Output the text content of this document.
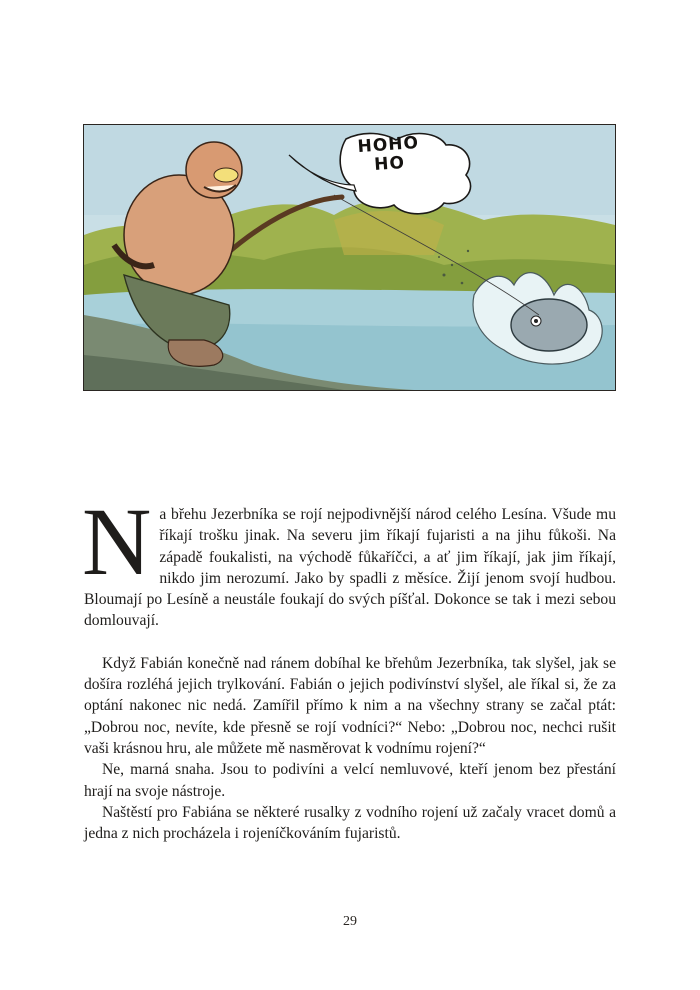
HOHO HO

Na břehu Jezerbníka se rojí nejpodivnější národ celého Lesína. Všude mu říkají trošku jinak. Na severu jim říkají fujaristi a na jihu fůkoši. Na západě foukalisti, na východě fůkaříčci, a ať jim říkají, jak jim říkají, nikdo jim nerozumí. Jako by spadli z měsíce. Žijí jenom svojí hudbou. Bloumají po Lesíně a neustále foukají do svých píšťal. Dokonce se tak i mezi sebou domlouvají.

Když Fabián konečně nad ránem dobíhal ke břehům Jezerbníka, tak slyšel, jak se došíra rozléhá jejich trylkování. Fabián o jejich podivínství slyšel, ale říkal si, že za optání nakonec nic nedá. Zamířil přímo k nim a na všechny strany se začal ptát: „Dobrou noc, nevíte, kde přesně se rojí vodníci?“ Nebo: „Dobrou noc, nechci rušit vaši krásnou hru, ale můžete mě nasměrovat k vodnímu rojení?“

Ne, marná snaha. Jsou to podivíni a velcí nemluvové, kteří jenom bez přestání hrají na svoje nástroje.

Naštěstí pro Fabiána se některé rusalky z vodního rojení už začaly vracet domů a jedna z nich procházela i rojeníčkováním fujaristů.

29
